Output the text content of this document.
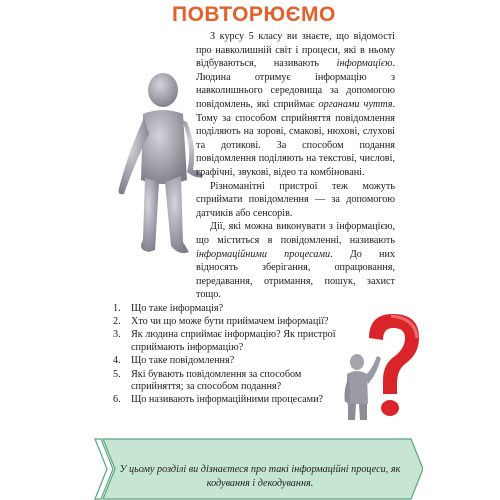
ПОВТОРЮЄМО

З курсу 5 класу ви знаєте, що відомості про навколишній світ і процеси, які в ньому відбуваються, називають інформацією. Людина отримує інформацію з навколишнього середовища за допомогою повідомлень, які сприймає органами чуття. Тому за способом сприйняття повідомлення поділяють на зорові, смакові, нюхові, слухові та дотикові. За способом подання повідомлення поділяють на текстові, числові, графічні, звукові, відео та комбіновані.

Різноманітні пристрої теж можуть сприймати повідомлення — за допомогою датчиків або сенсорів.

Дії, які можна виконувати з інформацією, що міститься в повідомленні, називають інформаційними процесами. До них відносять зберігання, опрацювання, передавання, отримання, пошук, захист тощо.

1.	Що таке інформація?
2.	Хто чи що може бути приймачем інформації?
3.	Як людина сприймає інформацію? Як пристрої сприймають інформацію?
4.	Що таке повідомлення?
5.	Які бувають повідомлення за способом сприйняття; за способом подання?
6.	Що називають інформаційними процесами?
У цьому розділі ви дізнаєтеся про такі інформаційні процеси, як кодування і декодування.
